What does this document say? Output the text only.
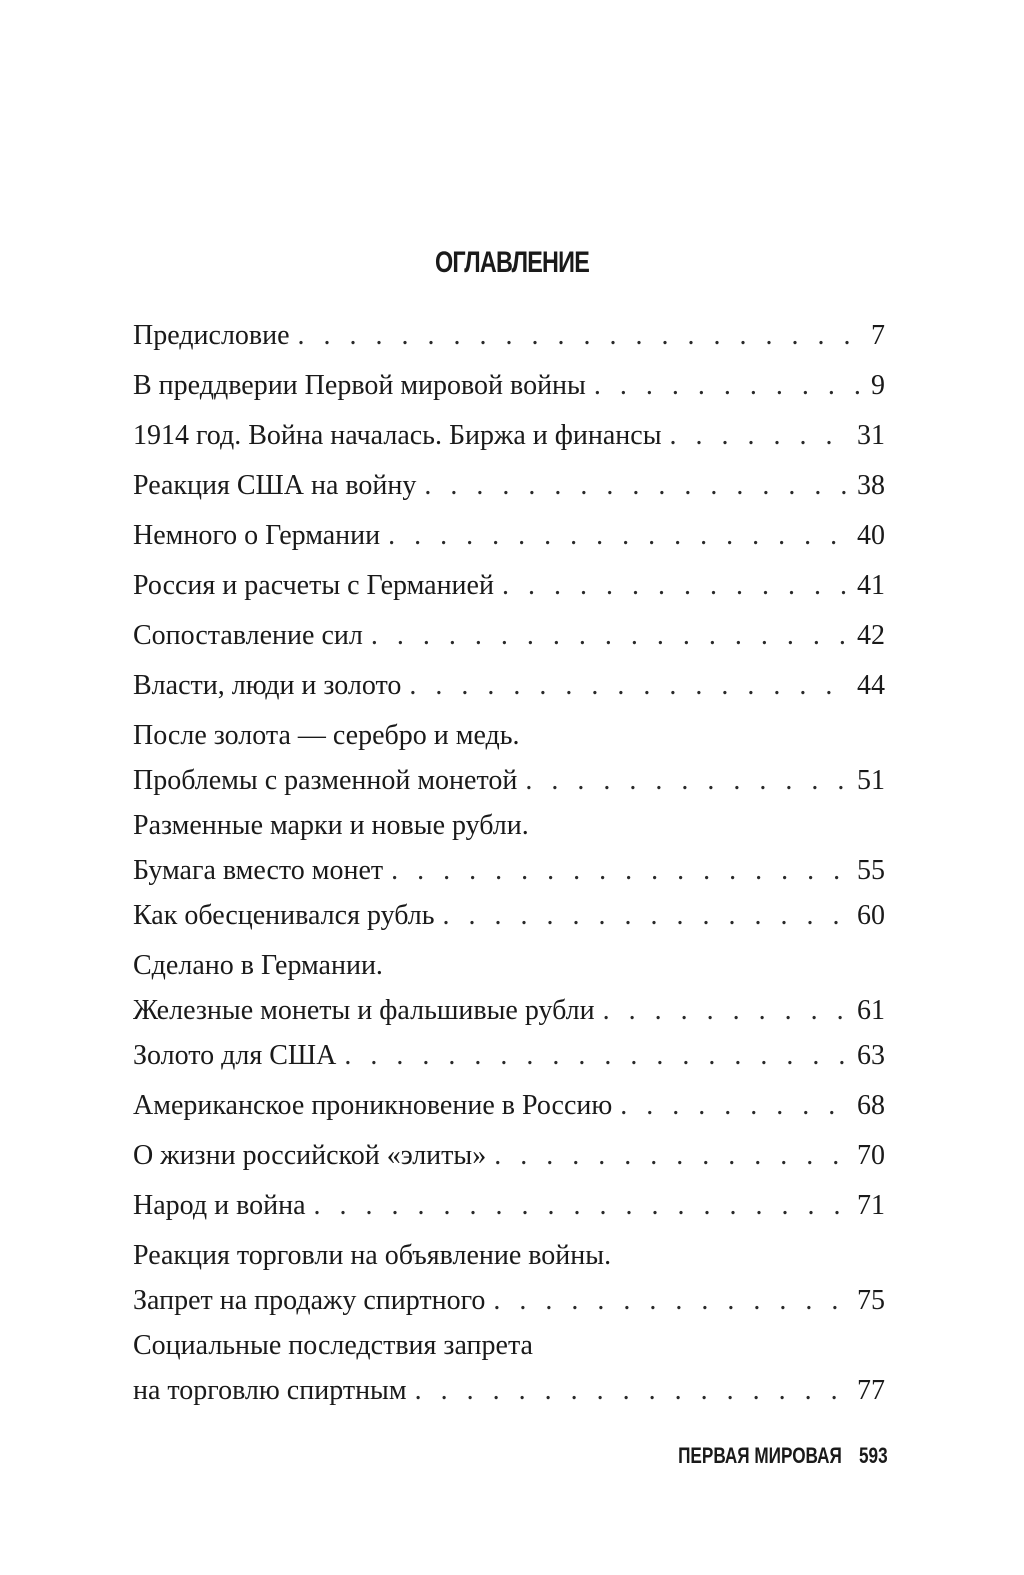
ОГЛАВЛЕНИЕ
Предисловие . . .	7
В преддверии Первой мировой войны . . .	9
1914 год. Война началась. Биржа и финансы . . .	31
Реакция США на войну . . .	38
Немного о Германии . . .	40
Россия и расчеты с Германией . . .	41
Сопоставление сил . . .	42
Власти, люди и золото . . .	44
После золота — серебро и медь.
Проблемы с разменной монетой . . .	51
Разменные марки и новые рубли.
Бумага вместо монет . . .	55
Как обесценивался рубль . . .	60
Сделано в Германии.
Железные монеты и фальшивые рубли . . .	61
Золото для США . . .	63
Американское проникновение в Россию . . .	68
О жизни российской «элиты» . . .	70
Народ и война . . .	71
Реакция торговли на объявление войны.
Запрет на продажу спиртного . . .	75
Социальные последствия запрета
на торговлю спиртным . . .	77
ПЕРВАЯ МИРОВАЯ 593
